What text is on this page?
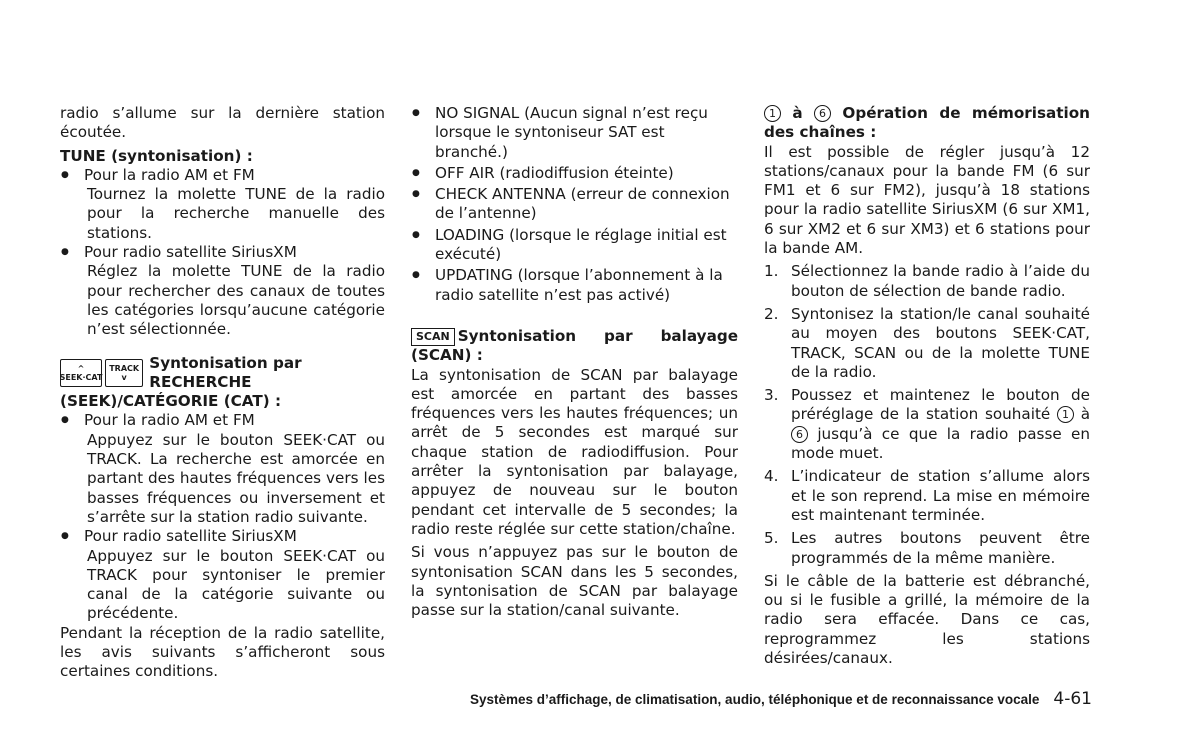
radio s’allume sur la dernière station écoutée.

TUNE (syntonisation) :

● Pour la radio AM et FM

Tournez la molette TUNE de la radio pour la recherche manuelle des stations.

● Pour radio satellite SiriusXM

Réglez la molette TUNE de la radio pour rechercher des canaux de toutes les catégories lorsqu’aucune catégorie n’est sélectionnée.

^
SEEK·CAT
TRACK
v
Syntonisation par RECHERCHE

(SEEK)/CATÉGORIE (CAT) :

● Pour la radio AM et FM

Appuyez sur le bouton SEEK·CAT ou TRACK. La recherche est amorcée en partant des hautes fréquences vers les basses fréquences ou inversement et s’arrête sur la station radio suivante.

● Pour radio satellite SiriusXM

Appuyez sur le bouton SEEK·CAT ou TRACK pour syntoniser le premier canal de la catégorie suivante ou précédente.

Pendant la réception de la radio satellite, les avis suivants s’afficheront sous certaines conditions.

● NO SIGNAL (Aucun signal n’est reçu lorsque le syntoniseur SAT est branché.)
● OFF AIR (radiodiffusion éteinte)
● CHECK ANTENNA (erreur de connexion de l’antenne)
● LOADING (lorsque le réglage initial est exécuté)
● UPDATING (lorsque l’abonnement à la radio satellite n’est pas activé)

SCAN Syntonisation par balayage (SCAN) :

La syntonisation de SCAN par balayage est amorcée en partant des basses fréquences vers les hautes fréquences; un arrêt de 5 secondes est marqué sur chaque station de radiodiffusion. Pour arrêter la syntonisation par balayage, appuyez de nouveau sur le bouton pendant cet intervalle de 5 secondes; la radio reste réglée sur cette station/chaîne.

Si vous n’appuyez pas sur le bouton de syntonisation SCAN dans les 5 secondes, la syntonisation de SCAN par balayage passe sur la station/canal suivante.

1 à 6 Opération de mémorisation des chaînes :

Il est possible de régler jusqu’à 12 stations/canaux pour la bande FM (6 sur FM1 et 6 sur FM2), jusqu’à 18 stations pour la radio satellite SiriusXM (6 sur XM1, 6 sur XM2 et 6 sur XM3) et 6 stations pour la bande AM.

1. Sélectionnez la bande radio à l’aide du bouton de sélection de bande radio.
2. Syntonisez la station/le canal souhaité au moyen des boutons SEEK·CAT, TRACK, SCAN ou de la molette TUNE de la radio.
3. Poussez et maintenez le bouton de préréglage de la station souhaité 1 à 6 jusqu’à ce que la radio passe en mode muet.
4. L’indicateur de station s’allume alors et le son reprend. La mise en mémoire est maintenant terminée.
5. Les autres boutons peuvent être programmés de la même manière.

Si le câble de la batterie est débranché, ou si le fusible a grillé, la mémoire de la radio sera effacée. Dans ce cas, reprogrammez les stations désirées/canaux.

Systèmes d’affichage, de climatisation, audio, téléphonique et de reconnaissance vocale 4-61
